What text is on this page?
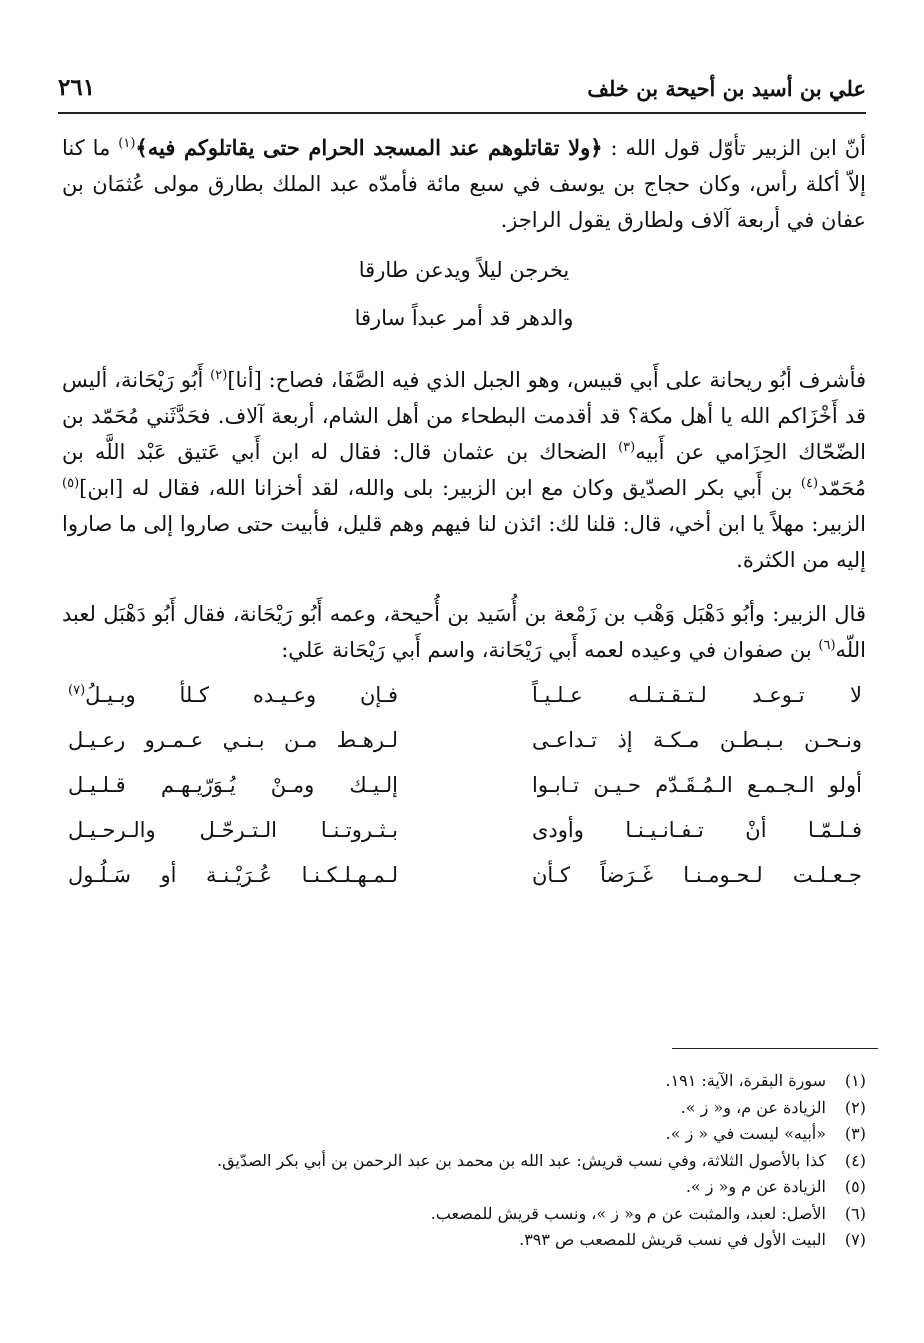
علي بن أسيد بن أحيحة بن خلف
٢٦١

أنّ ابن الزبير تأوّل قول الله : ﴿ولا تقاتلوهم عند المسجد الحرام حتى يقاتلوكم فيه﴾$^{(١)}$ ما كنا إلاّ أكلة رأس، وكان حجاج بن يوسف في سبع مائة فأمدّه عبد الملك بطارق مولى عُثمَان بن عفان في أربعة آلاف ولطارق يقول الراجز.

يخرجن ليلاً ويدعن طارقا
والدهر قد أمر عبداً سارقا

فأشرف أبُو ريحانة على أَبي قبيس، وهو الجبل الذي فيه الصَّفَا، فصاح: [أنا]$^{(٢)}$ أَبُو رَيْحَانة، أليس قد أَخْزَاكم الله يا أهل مكة؟ قد أقدمت البطحاء من أهل الشام، أربعة آلاف. فحَدَّثَني مُحَمّد بن الضّحّاك الحِزَامي عن أَبيه$^{(٣)}$ الضحاك بن عثمان قال: فقال له ابن أَبي عَتيق عَبْد اللَّه بن مُحَمّد$^{(٤)}$ بن أَبي بكر الصدّيق وكان مع ابن الزبير: بلى والله، لقد أخزانا الله، فقال له [ابن]$^{(٥)}$ الزبير: مهلاً يا ابن أخي، قال: قلنا لك: ائذن لنا فيهم وهم قليل، فأبيت حتى صاروا إلى ما صاروا إليه من الكثرة.

قال الزبير: وأبُو دَهْبَل وَهْب بن زَمْعة بن أُسَيد بن أُحيحة، وعمه أَبُو رَيْحَانة، فقال أَبُو دَهْبَل لعبد اللّه$^{(٦)}$ بن صفوان في وعيده لعمه أَبي رَيْحَانة، واسم أَبي رَيْحَانة عَلي:

لا تـوعـد لـتـقـتـلـه عـلـيـاً
فـإن وعـيـده كـلأ وبـيـلُ$^{(٧)}$
ونـحـن بـبـطـن مـكـة إذ تـداعـى
لـرهـط مـن بـنـي عـمـرو رعـيـل
أولو الـجـمـع الـمُـقَـدّم حـيـن تـابـوا
إلـيـك ومـنْ يُـوَرّيـهـم قـلـيـل
فـلـمّـا أنْ تـفـانـيـنـا وأودى
بـثـروتـنـا الـتـرحّـل والـرحـيـل
جـعـلـت لـحـومـنـا غَـرَضاً كـأن
لـمـهـلـكـنـا عُـرَيْـنـة أو سَـلُـول
(١)
سورة البقرة، الآية: ١٩١.
(٢)
الزيادة عن م، و« ز ».
(٣)
«أبيه» ليست في « ز ».
(٤)
كذا بالأصول الثلاثة، وفي نسب قريش: عبد الله بن محمد بن عبد الرحمن بن أبي بكر الصدّيق.
(٥)
الزيادة عن م و« ز ».
(٦)
الأصل: لعبد، والمثبت عن م و« ز »، ونسب قريش للمصعب.
(٧)
البيت الأول في نسب قريش للمصعب ص ٣٩٣.
